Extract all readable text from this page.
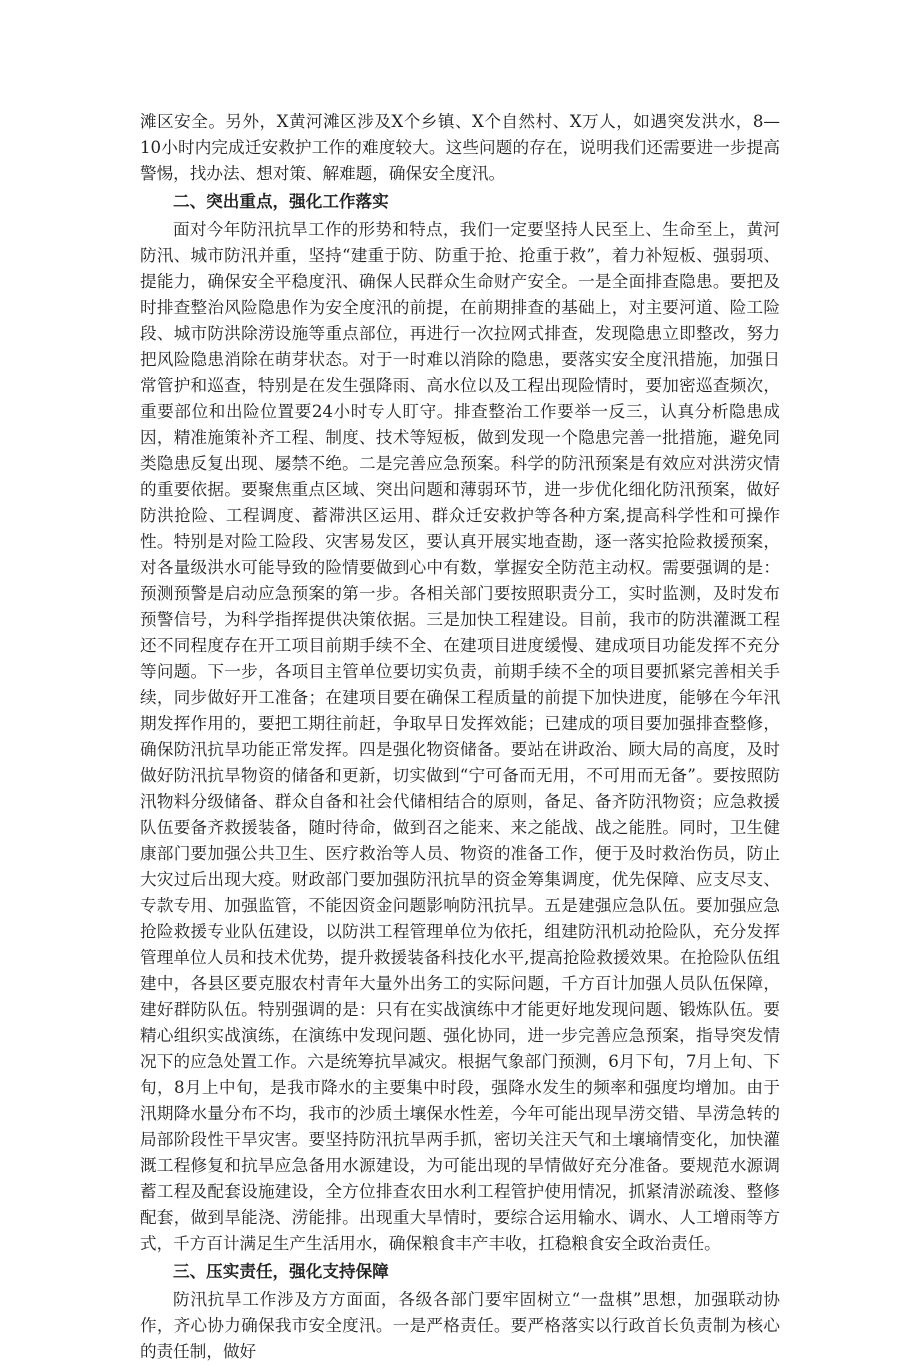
滩区安全。另外，X黄河滩区涉及X个乡镇、X个自然村、X万人，如遇突发洪水，8—10小时内完成迁安救护工作的难度较大。这些问题的存在，说明我们还需要进一步提高警惕，找办法、想对策、解难题，确保安全度汛。

二、突出重点，强化工作落实

面对今年防汛抗旱工作的形势和特点，我们一定要坚持人民至上、生命至上，黄河防汛、城市防汛并重，坚持“建重于防、防重于抢、抢重于救”，着力补短板、强弱项、提能力，确保安全平稳度汛、确保人民群众生命财产安全。一是全面排查隐患。要把及时排查整治风险隐患作为安全度汛的前提，在前期排查的基础上，对主要河道、险工险段、城市防洪除涝设施等重点部位，再进行一次拉网式排查，发现隐患立即整改，努力把风险隐患消除在萌芽状态。对于一时难以消除的隐患，要落实安全度汛措施，加强日常管护和巡查，特别是在发生强降雨、高水位以及工程出现险情时，要加密巡查频次，重要部位和出险位置要24小时专人盯守。排查整治工作要举一反三，认真分析隐患成因，精准施策补齐工程、制度、技术等短板，做到发现一个隐患完善一批措施，避免同类隐患反复出现、屡禁不绝。二是完善应急预案。科学的防汛预案是有效应对洪涝灾情的重要依据。要聚焦重点区域、突出问题和薄弱环节，进一步优化细化防汛预案，做好防洪抢险、工程调度、蓄滞洪区运用、群众迁安救护等各种方案,提高科学性和可操作性。特别是对险工险段、灾害易发区，要认真开展实地查勘，逐一落实抢险救援预案，对各量级洪水可能导致的险情要做到心中有数，掌握安全防范主动权。需要强调的是：预测预警是启动应急预案的第一步。各相关部门要按照职责分工，实时监测，及时发布预警信号，为科学指挥提供决策依据。三是加快工程建设。目前，我市的防洪灌溉工程还不同程度存在开工项目前期手续不全、在建项目进度缓慢、建成项目功能发挥不充分等问题。下一步，各项目主管单位要切实负责，前期手续不全的项目要抓紧完善相关手续，同步做好开工准备；在建项目要在确保工程质量的前提下加快进度，能够在今年汛期发挥作用的，要把工期往前赶，争取早日发挥效能；已建成的项目要加强排查整修，确保防汛抗旱功能正常发挥。四是强化物资储备。要站在讲政治、顾大局的高度，及时做好防汛抗旱物资的储备和更新，切实做到“宁可备而无用，不可用而无备”。要按照防汛物料分级储备、群众自备和社会代储相结合的原则，备足、备齐防汛物资；应急救援队伍要备齐救援装备，随时待命，做到召之能来、来之能战、战之能胜。同时，卫生健康部门要加强公共卫生、医疗救治等人员、物资的准备工作，便于及时救治伤员，防止大灾过后出现大疫。财政部门要加强防汛抗旱的资金筹集调度，优先保障、应支尽支、专款专用、加强监管，不能因资金问题影响防汛抗旱。五是建强应急队伍。要加强应急抢险救援专业队伍建设，以防洪工程管理单位为依托，组建防汛机动抢险队，充分发挥管理单位人员和技术优势，提升救援装备科技化水平,提高抢险救援效果。在抢险队伍组建中，各县区要克服农村青年大量外出务工的实际问题，千方百计加强人员队伍保障，建好群防队伍。特别强调的是：只有在实战演练中才能更好地发现问题、锻炼队伍。要精心组织实战演练，在演练中发现问题、强化协同，进一步完善应急预案，指导突发情况下的应急处置工作。六是统筹抗旱减灾。根据气象部门预测，6月下旬，7月上旬、下旬，8月上中旬，是我市降水的主要集中时段，强降水发生的频率和强度均增加。由于汛期降水量分布不均，我市的沙质土壤保水性差，今年可能出现旱涝交错、旱涝急转的局部阶段性干旱灾害。要坚持防汛抗旱两手抓，密切关注天气和土壤墒情变化，加快灌溉工程修复和抗旱应急备用水源建设，为可能出现的旱情做好充分准备。要规范水源调蓄工程及配套设施建设，全方位排查农田水利工程管护使用情况，抓紧清淤疏浚、整修配套，做到旱能浇、涝能排。出现重大旱情时，要综合运用输水、调水、人工增雨等方式，千方百计满足生产生活用水，确保粮食丰产丰收，扛稳粮食安全政治责任。

三、压实责任，强化支持保障

防汛抗旱工作涉及方方面面，各级各部门要牢固树立“一盘棋”思想，加强联动协作，齐心协力确保我市安全度汛。一是严格责任。要严格落实以行政首长负责制为核心的责任制，做好
